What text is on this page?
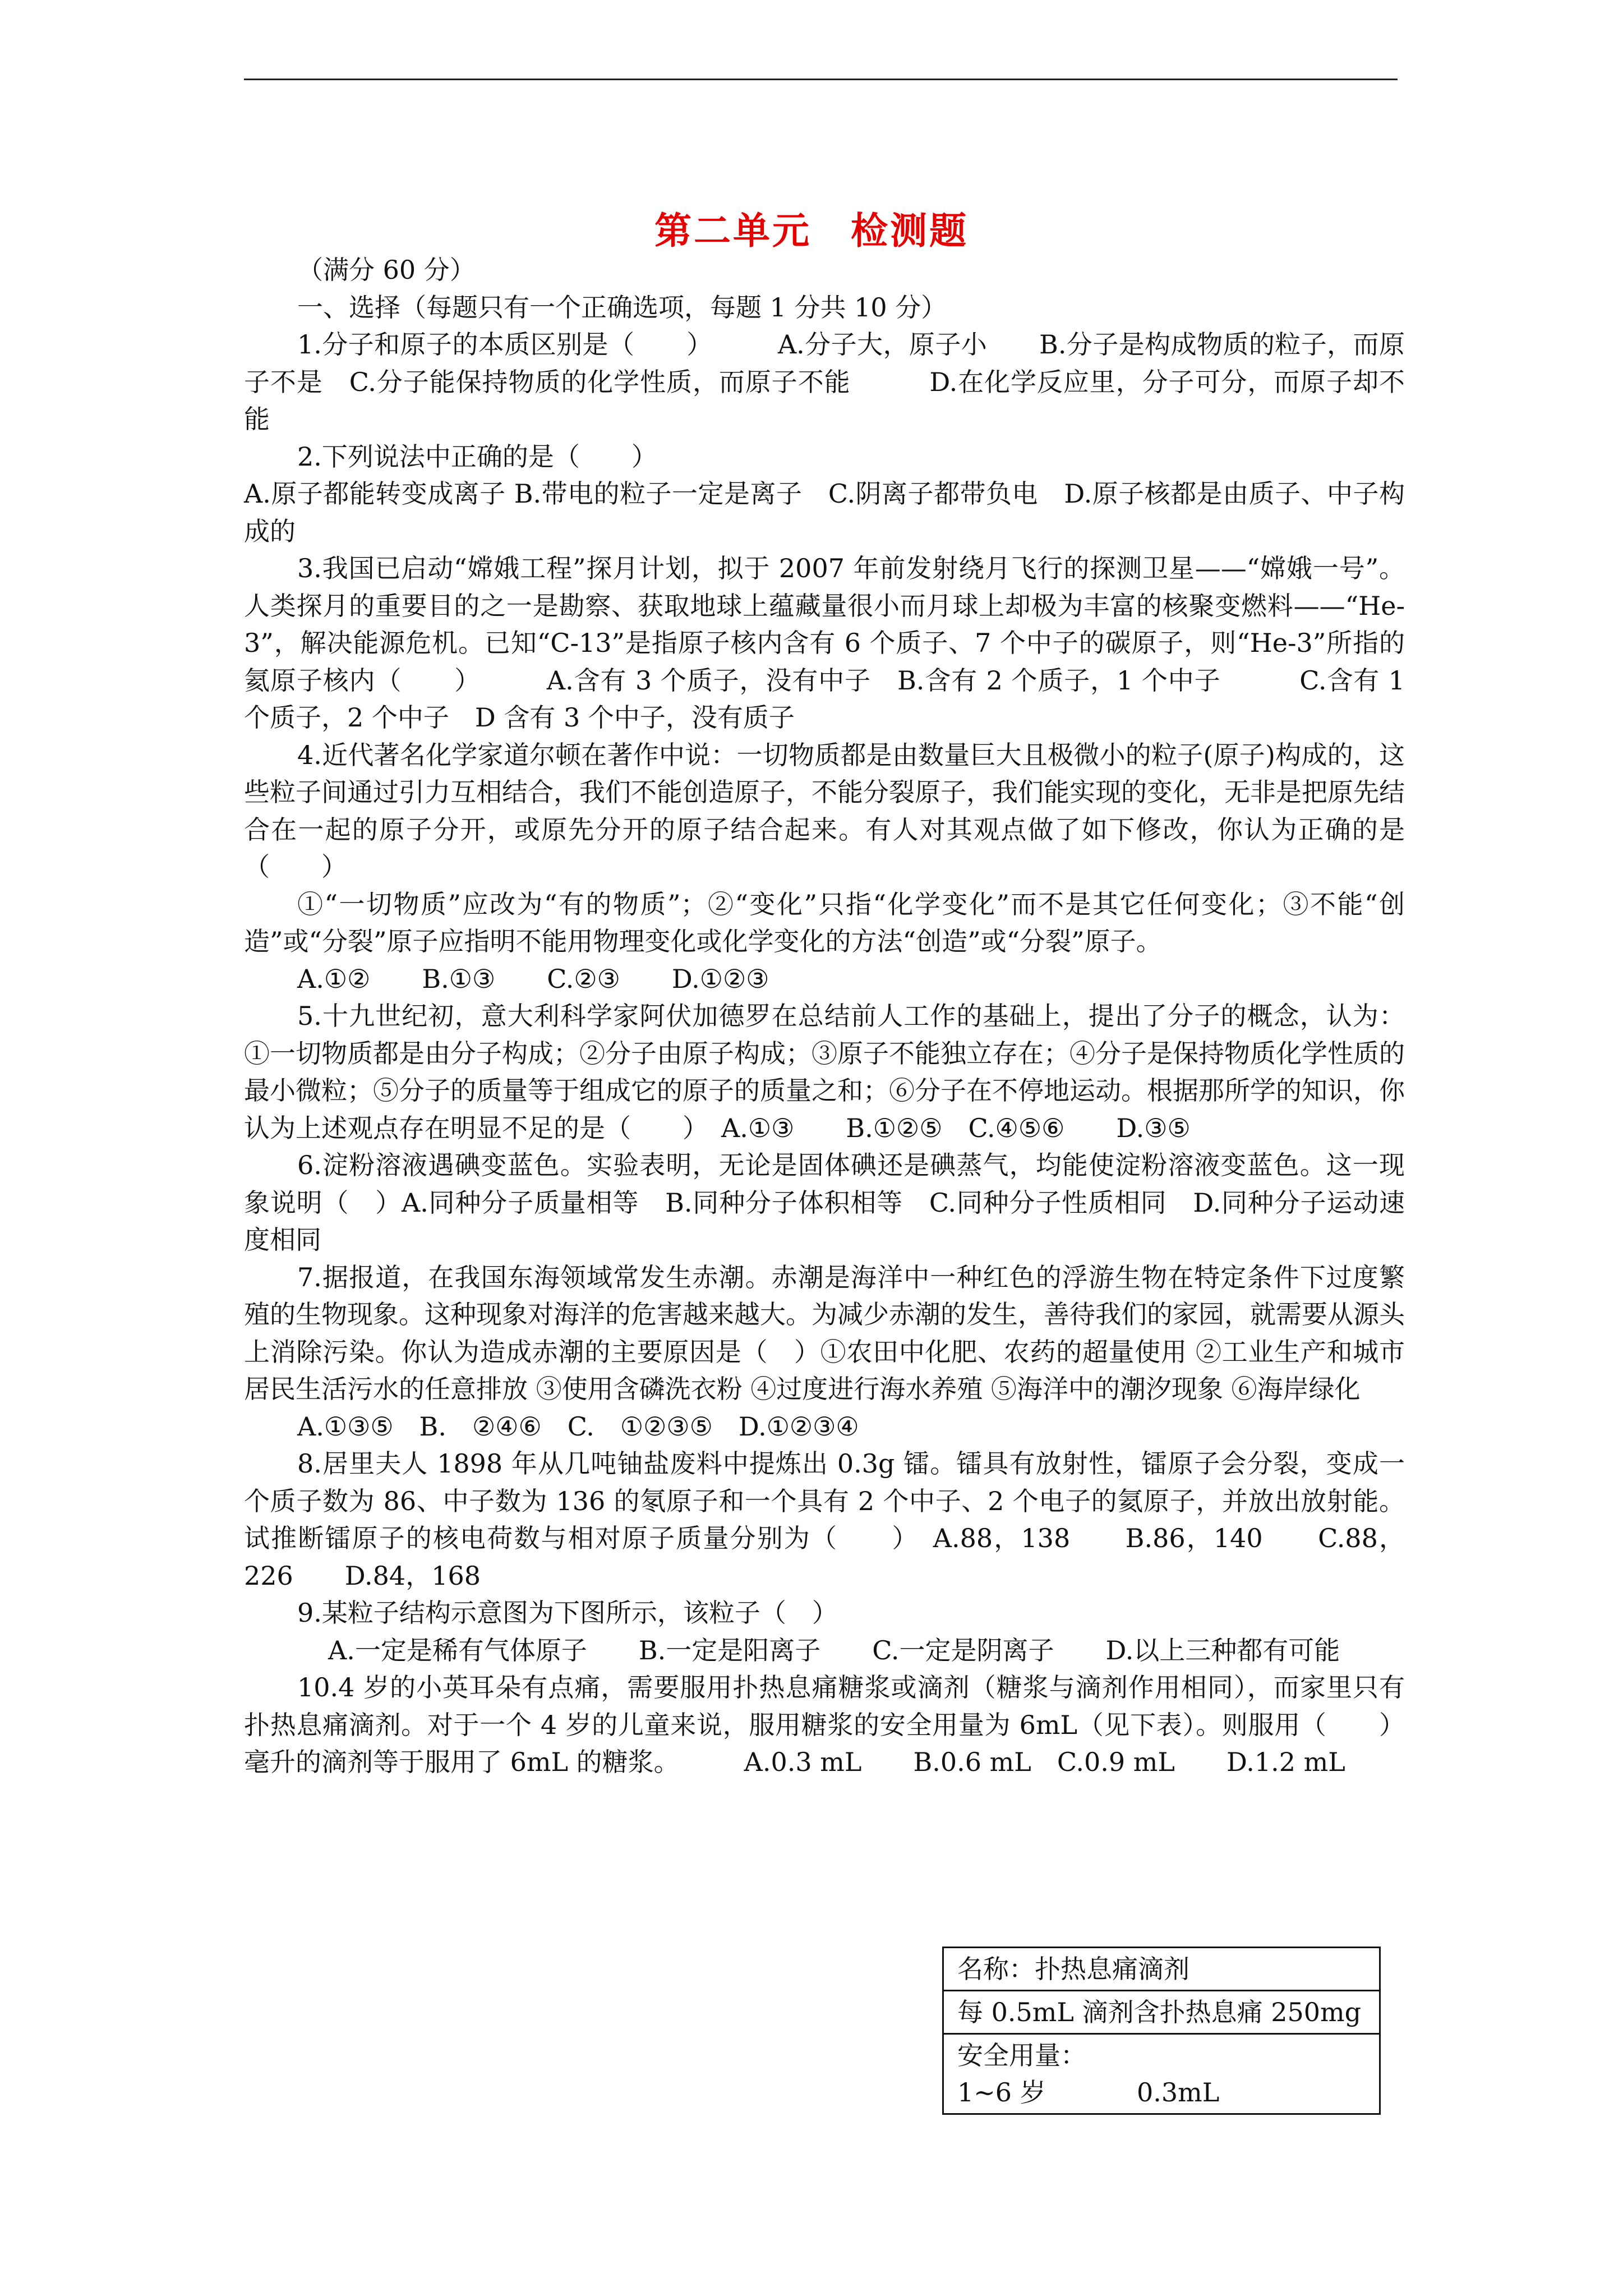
第二单元　检测题

（满分 60 分）

一、选择（每题只有一个正确选项，每题 1 分共 10 分）

1.分子和原子的本质区别是（　　）　　　A.分子大，原子小　　B.分子是构成物质的粒子，而原子不是　C.分子能保持物质的化学性质，而原子不能　　　D.在化学反应里，分子可分，而原子却不能

2.下列说法中正确的是（　　）

A.原子都能转变成离子 B.带电的粒子一定是离子　C.阴离子都带负电　D.原子核都是由质子、中子构成的

3.我国已启动“嫦娥工程”探月计划，拟于 2007 年前发射绕月飞行的探测卫星——“嫦娥一号”。人类探月的重要目的之一是勘察、获取地球上蕴藏量很小而月球上却极为丰富的核聚变燃料——“He-3”，解决能源危机。已知“C-13”是指原子核内含有 6 个质子、7 个中子的碳原子，则“He-3”所指的氦原子核内（　　）　　　A.含有 3 个质子，没有中子　B.含有 2 个质子，1 个中子　　　C.含有 1 个质子，2 个中子　D 含有 3 个中子，没有质子

4.近代著名化学家道尔顿在著作中说：一切物质都是由数量巨大且极微小的粒子(原子)构成的，这些粒子间通过引力互相结合，我们不能创造原子，不能分裂原子，我们能实现的变化，无非是把原先结合在一起的原子分开，或原先分开的原子结合起来。有人对其观点做了如下修改，你认为正确的是（　　）

①“一切物质”应改为“有的物质”；②“变化”只指“化学变化”而不是其它任何变化；③不能“创造”或“分裂”原子应指明不能用物理变化或化学变化的方法“创造”或“分裂”原子。

A.①②　　B.①③　　C.②③　　D.①②③

5.十九世纪初，意大利科学家阿伏加德罗在总结前人工作的基础上，提出了分子的概念，认为：①一切物质都是由分子构成；②分子由原子构成；③原子不能独立存在；④分子是保持物质化学性质的最小微粒；⑤分子的质量等于组成它的原子的质量之和；⑥分子在不停地运动。根据那所学的知识，你认为上述观点存在明显不足的是（　　）　A.①③　　B.①②⑤　C.④⑤⑥　　D.③⑤

6.淀粉溶液遇碘变蓝色。实验表明，无论是固体碘还是碘蒸气，均能使淀粉溶液变蓝色。这一现象说明（　）A.同种分子质量相等　B.同种分子体积相等　C.同种分子性质相同　D.同种分子运动速度相同

7.据报道，在我国东海领域常发生赤潮。赤潮是海洋中一种红色的浮游生物在特定条件下过度繁殖的生物现象。这种现象对海洋的危害越来越大。为减少赤潮的发生，善待我们的家园，就需要从源头上消除污染。你认为造成赤潮的主要原因是（　）①农田中化肥、农药的超量使用 ②工业生产和城市居民生活污水的任意排放 ③使用含磷洗衣粉 ④过度进行海水养殖 ⑤海洋中的潮汐现象 ⑥海岸绿化

A.①③⑤　B.　②④⑥　C.　①②③⑤　D.①②③④

8.居里夫人 1898 年从几吨铀盐废料中提炼出 0.3g 镭。镭具有放射性，镭原子会分裂，变成一个质子数为 86、中子数为 136 的氡原子和一个具有 2 个中子、2 个电子的氦原子，并放出放射能。试推断镭原子的核电荷数与相对原子质量分别为（　　）　A.88，138　　B.86，140　　C.88，226　　D.84，168

9.某粒子结构示意图为下图所示，该粒子（　）

A.一定是稀有气体原子　　B.一定是阳离子　　C.一定是阴离子　　D.以上三种都有可能

10.4 岁的小英耳朵有点痛，需要服用扑热息痛糖浆或滴剂（糖浆与滴剂作用相同），而家里只有扑热息痛滴剂。对于一个 4 岁的儿童来说，服用糖浆的安全用量为 6mL（见下表）。则服用（　　）毫升的滴剂等于服用了 6mL 的糖浆。　　　A.0.3 mL　　B.0.6 mL　C.0.9 mL　　D.1.2 mL

名称：扑热息痛滴剂
每 0.5mL 滴剂含扑热息痛 250mg

安全用量：
1~6 岁	0.3mL
